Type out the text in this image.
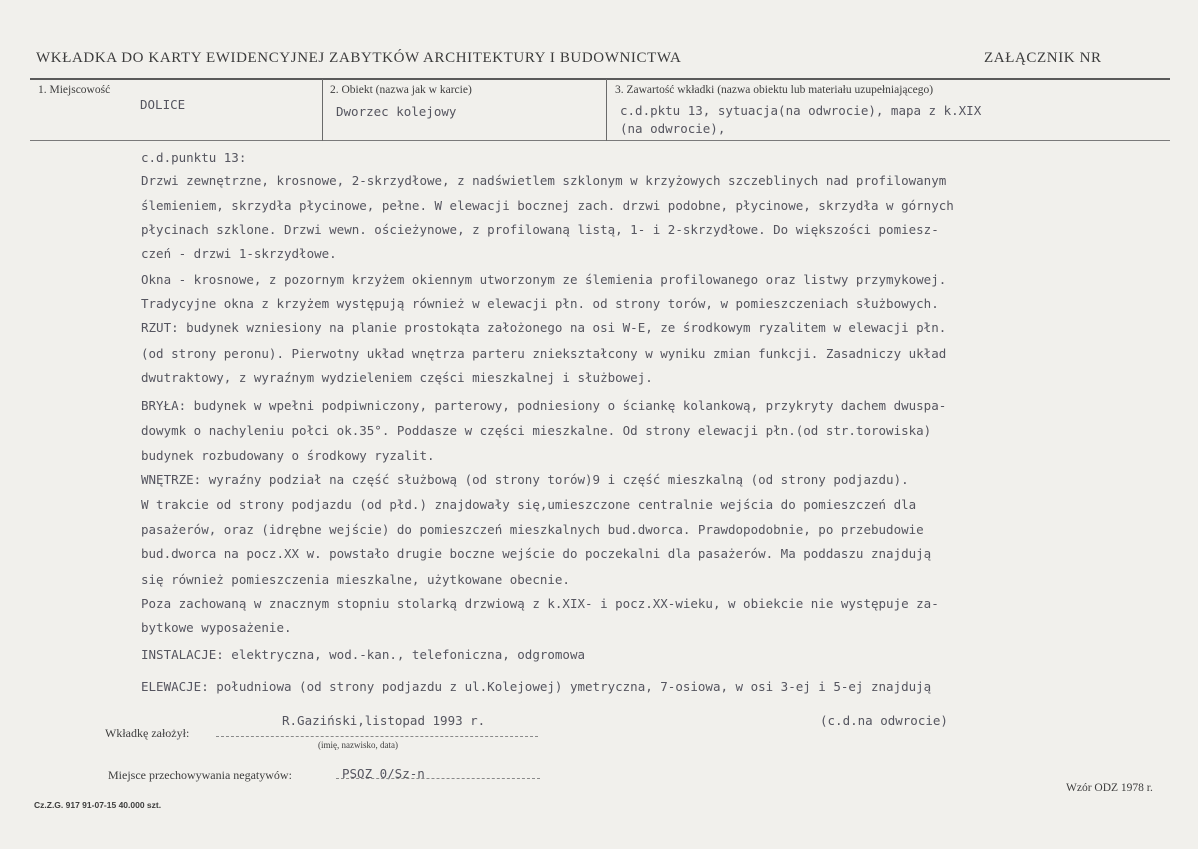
WKŁADKA DO KARTY EWIDENCYJNEJ ZABYTKÓW ARCHITEKTURY I BUDOWNICTWA	ZAŁĄCZNIK NR
1. Miejscowość
DOLICE
2. Obiekt (nazwa jak w karcie)
Dworzec kolejowy
3. Zawartość wkładki (nazwa obiektu lub materiału uzupełniającego)
c.d.pktu 13, sytuacja(na odwrocie), mapa z k.XIX
(na odwrocie),
c.d.punktu 13:
Drzwi zewnętrzne, krosnowe, 2-skrzydłowe, z nadświetlem szklonym w krzyżowych szczeblinych nad profilowanym
ślemieniem, skrzydła płycinowe, pełne. W elewacji bocznej zach. drzwi podobne, płycinowe, skrzydła w górnych
płycinach szklone. Drzwi wewn. ościeżynowe, z profilowaną listą, 1- i 2-skrzydłowe. Do większości pomiesz-
czeń - drzwi 1-skrzydłowe.
Okna - krosnowe, z pozornym krzyżem okiennym utworzonym ze ślemienia profilowanego oraz listwy przymykowej.
Tradycyjne okna z krzyżem występują również w elewacji płn. od strony torów, w pomieszczeniach służbowych.
RZUT: budynek wzniesiony na planie prostokąta założonego na osi W-E, ze środkowym ryzalitem w elewacji płn.
(od strony peronu). Pierwotny układ wnętrza parteru zniekształcony w wyniku zmian funkcji. Zasadniczy układ
dwutraktowy, z wyraźnym wydzieleniem części mieszkalnej i służbowej.
BRYŁA: budynek w wpełni podpiwniczony, parterowy, podniesiony o ściankę kolankową, przykryty dachem dwuspa-
dowymk o nachyleniu połci ok.35°. Poddasze w części mieszkalne. Od strony elewacji płn.(od str.torowiska)
budynek rozbudowany o środkowy ryzalit.
WNĘTRZE: wyraźny podział na część służbową (od strony torów)9 i część mieszkalną (od strony podjazdu).
W trakcie od strony podjazdu (od płd.) znajdowały się,umieszczone centralnie wejścia do pomieszczeń dla
pasażerów, oraz (idrębne wejście) do pomieszczeń mieszkalnych bud.dworca. Prawdopodobnie, po przebudowie
bud.dworca na pocz.XX w. powstało drugie boczne wejście do poczekalni dla pasażerów. Ma poddaszu znajdują
się również pomieszczenia mieszkalne, użytkowane obecnie.
Poza zachowaną w znacznym stopniu stolarką drzwiową z k.XIX- i pocz.XX-wieku, w obiekcie nie występuje za-
bytkowe wyposażenie.
INSTALACJE: elektryczna, wod.-kan., telefoniczna, odgromowa
ELEWACJE: południowa (od strony podjazdu z ul.Kolejowej) ymetryczna, 7-osiowa, w osi 3-ej i 5-ej znajdują
(c.d.na odwrocie)
Wkładkę założył:
R.Gaziński,listopad 1993 r.
(imię, nazwisko, data)
Miejsce przechowywania negatywów:	PSOZ 0/Sz-n
Cz.Z.G. 917 91-07-15 40.000 szt.
Wzór ODZ 1978 r.
